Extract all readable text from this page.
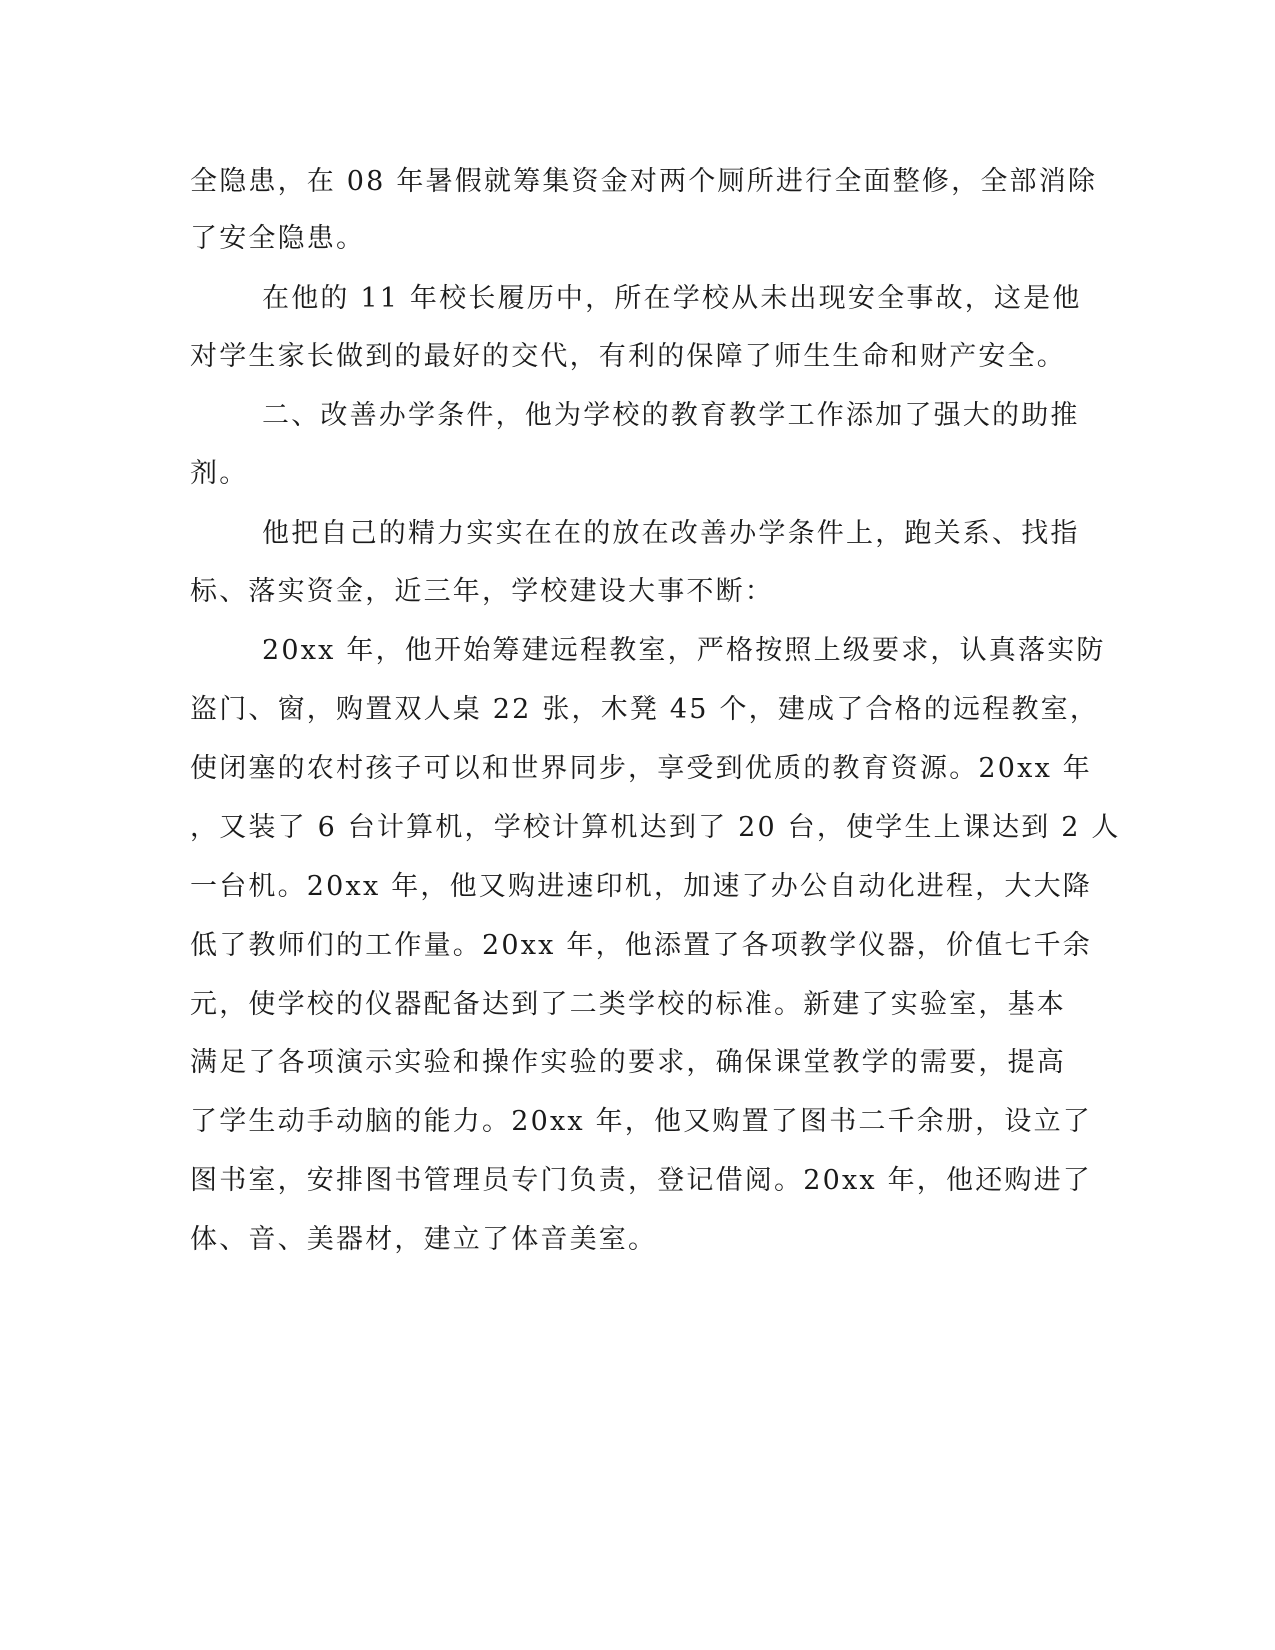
全隐患，在 08 年暑假就筹集资金对两个厕所进行全面整修，全部消除
了安全隐患。
在他的 11 年校长履历中，所在学校从未出现安全事故，这是他
对学生家长做到的最好的交代，有利的保障了师生生命和财产安全。
二、改善办学条件，他为学校的教育教学工作添加了强大的助推
剂。
他把自己的精力实实在在的放在改善办学条件上，跑关系、找指
标、落实资金，近三年，学校建设大事不断：
20xx 年，他开始筹建远程教室，严格按照上级要求，认真落实防
盗门、窗，购置双人桌 22 张，木凳 45 个，建成了合格的远程教室，
使闭塞的农村孩子可以和世界同步，享受到优质的教育资源。20xx 年
，又装了 6 台计算机，学校计算机达到了 20 台，使学生上课达到 2 人
一台机。20xx 年，他又购进速印机，加速了办公自动化进程，大大降
低了教师们的工作量。20xx 年，他添置了各项教学仪器，价值七千余
元，使学校的仪器配备达到了二类学校的标准。新建了实验室，基本
满足了各项演示实验和操作实验的要求，确保课堂教学的需要，提高
了学生动手动脑的能力。20xx 年，他又购置了图书二千余册，设立了
图书室，安排图书管理员专门负责，登记借阅。20xx 年，他还购进了
体、音、美器材，建立了体音美室。
